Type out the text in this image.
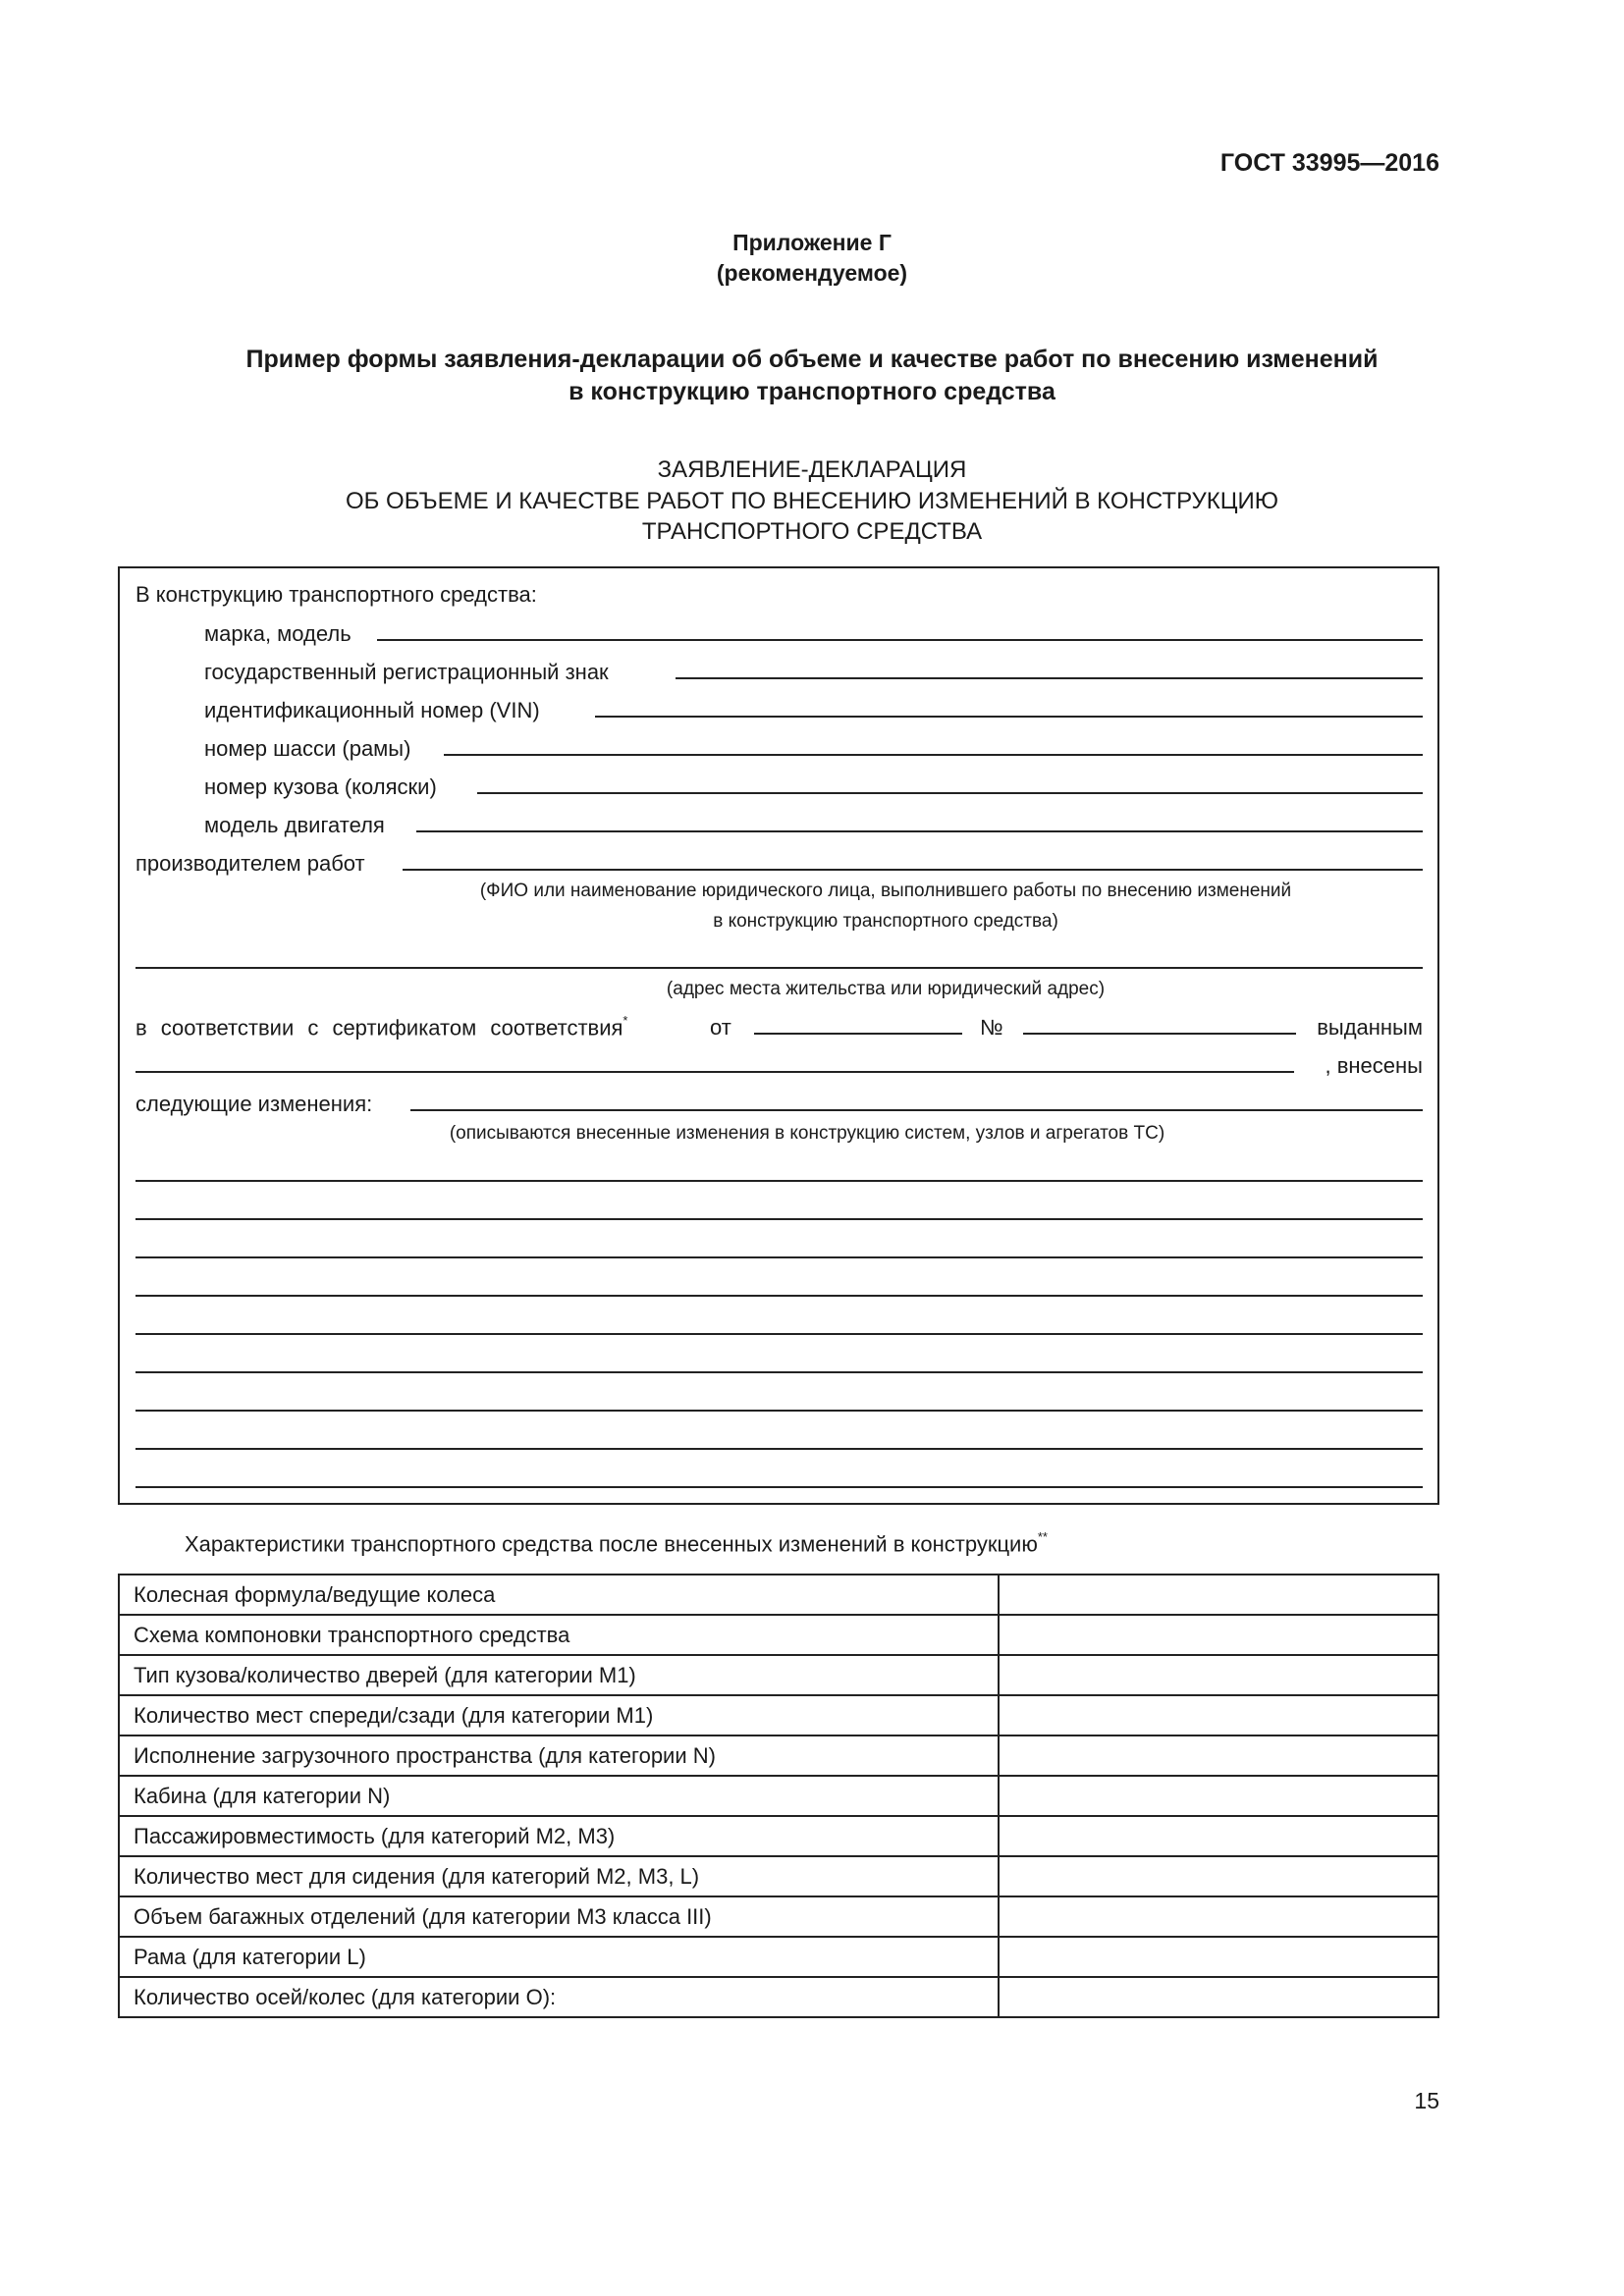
ГОСТ 33995—2016
Приложение Г
(рекомендуемое)
Пример формы заявления-декларации об объеме и качестве работ по внесению изменений
в конструкцию транспортного средства
ЗАЯВЛЕНИЕ-ДЕКЛАРАЦИЯ
ОБ ОБЪЕМЕ И КАЧЕСТВЕ РАБОТ ПО ВНЕСЕНИЮ ИЗМЕНЕНИЙ В КОНСТРУКЦИЮ
ТРАНСПОРТНОГО СРЕДСТВА
В конструкцию транспортного средства:
марка, модель
государственный регистрационный знак
идентификационный номер (VIN)
номер шасси (рамы)
номер кузова (коляски)
модель двигателя
производителем работ
(ФИО или наименование юридического лица, выполнившего работы по внесению изменений
в конструкцию транспортного средства)
(адрес места жительства или юридический адрес)
в соответствии с сертификатом соответствия*	от	№	выданным
, внесены
следующие изменения:
(описываются внесенные изменения в конструкцию систем, узлов и агрегатов ТС)
Характеристики транспортного средства после внесенных изменений в конструкцию**
Колесная формула/ведущие колеса	
Схема компоновки транспортного средства	
Тип кузова/количество дверей (для категории М1)	
Количество мест спереди/сзади (для категории М1)	
Исполнение загрузочного пространства (для категории N)	
Кабина (для категории N)	
Пассажировместимость (для категорий М2, М3)	
Количество мест для сидения (для категорий М2, М3, L)	
Объем багажных отделений (для категории М3 класса III)	
Рама (для категории L)	
Количество осей/колес (для категории О):	
15
